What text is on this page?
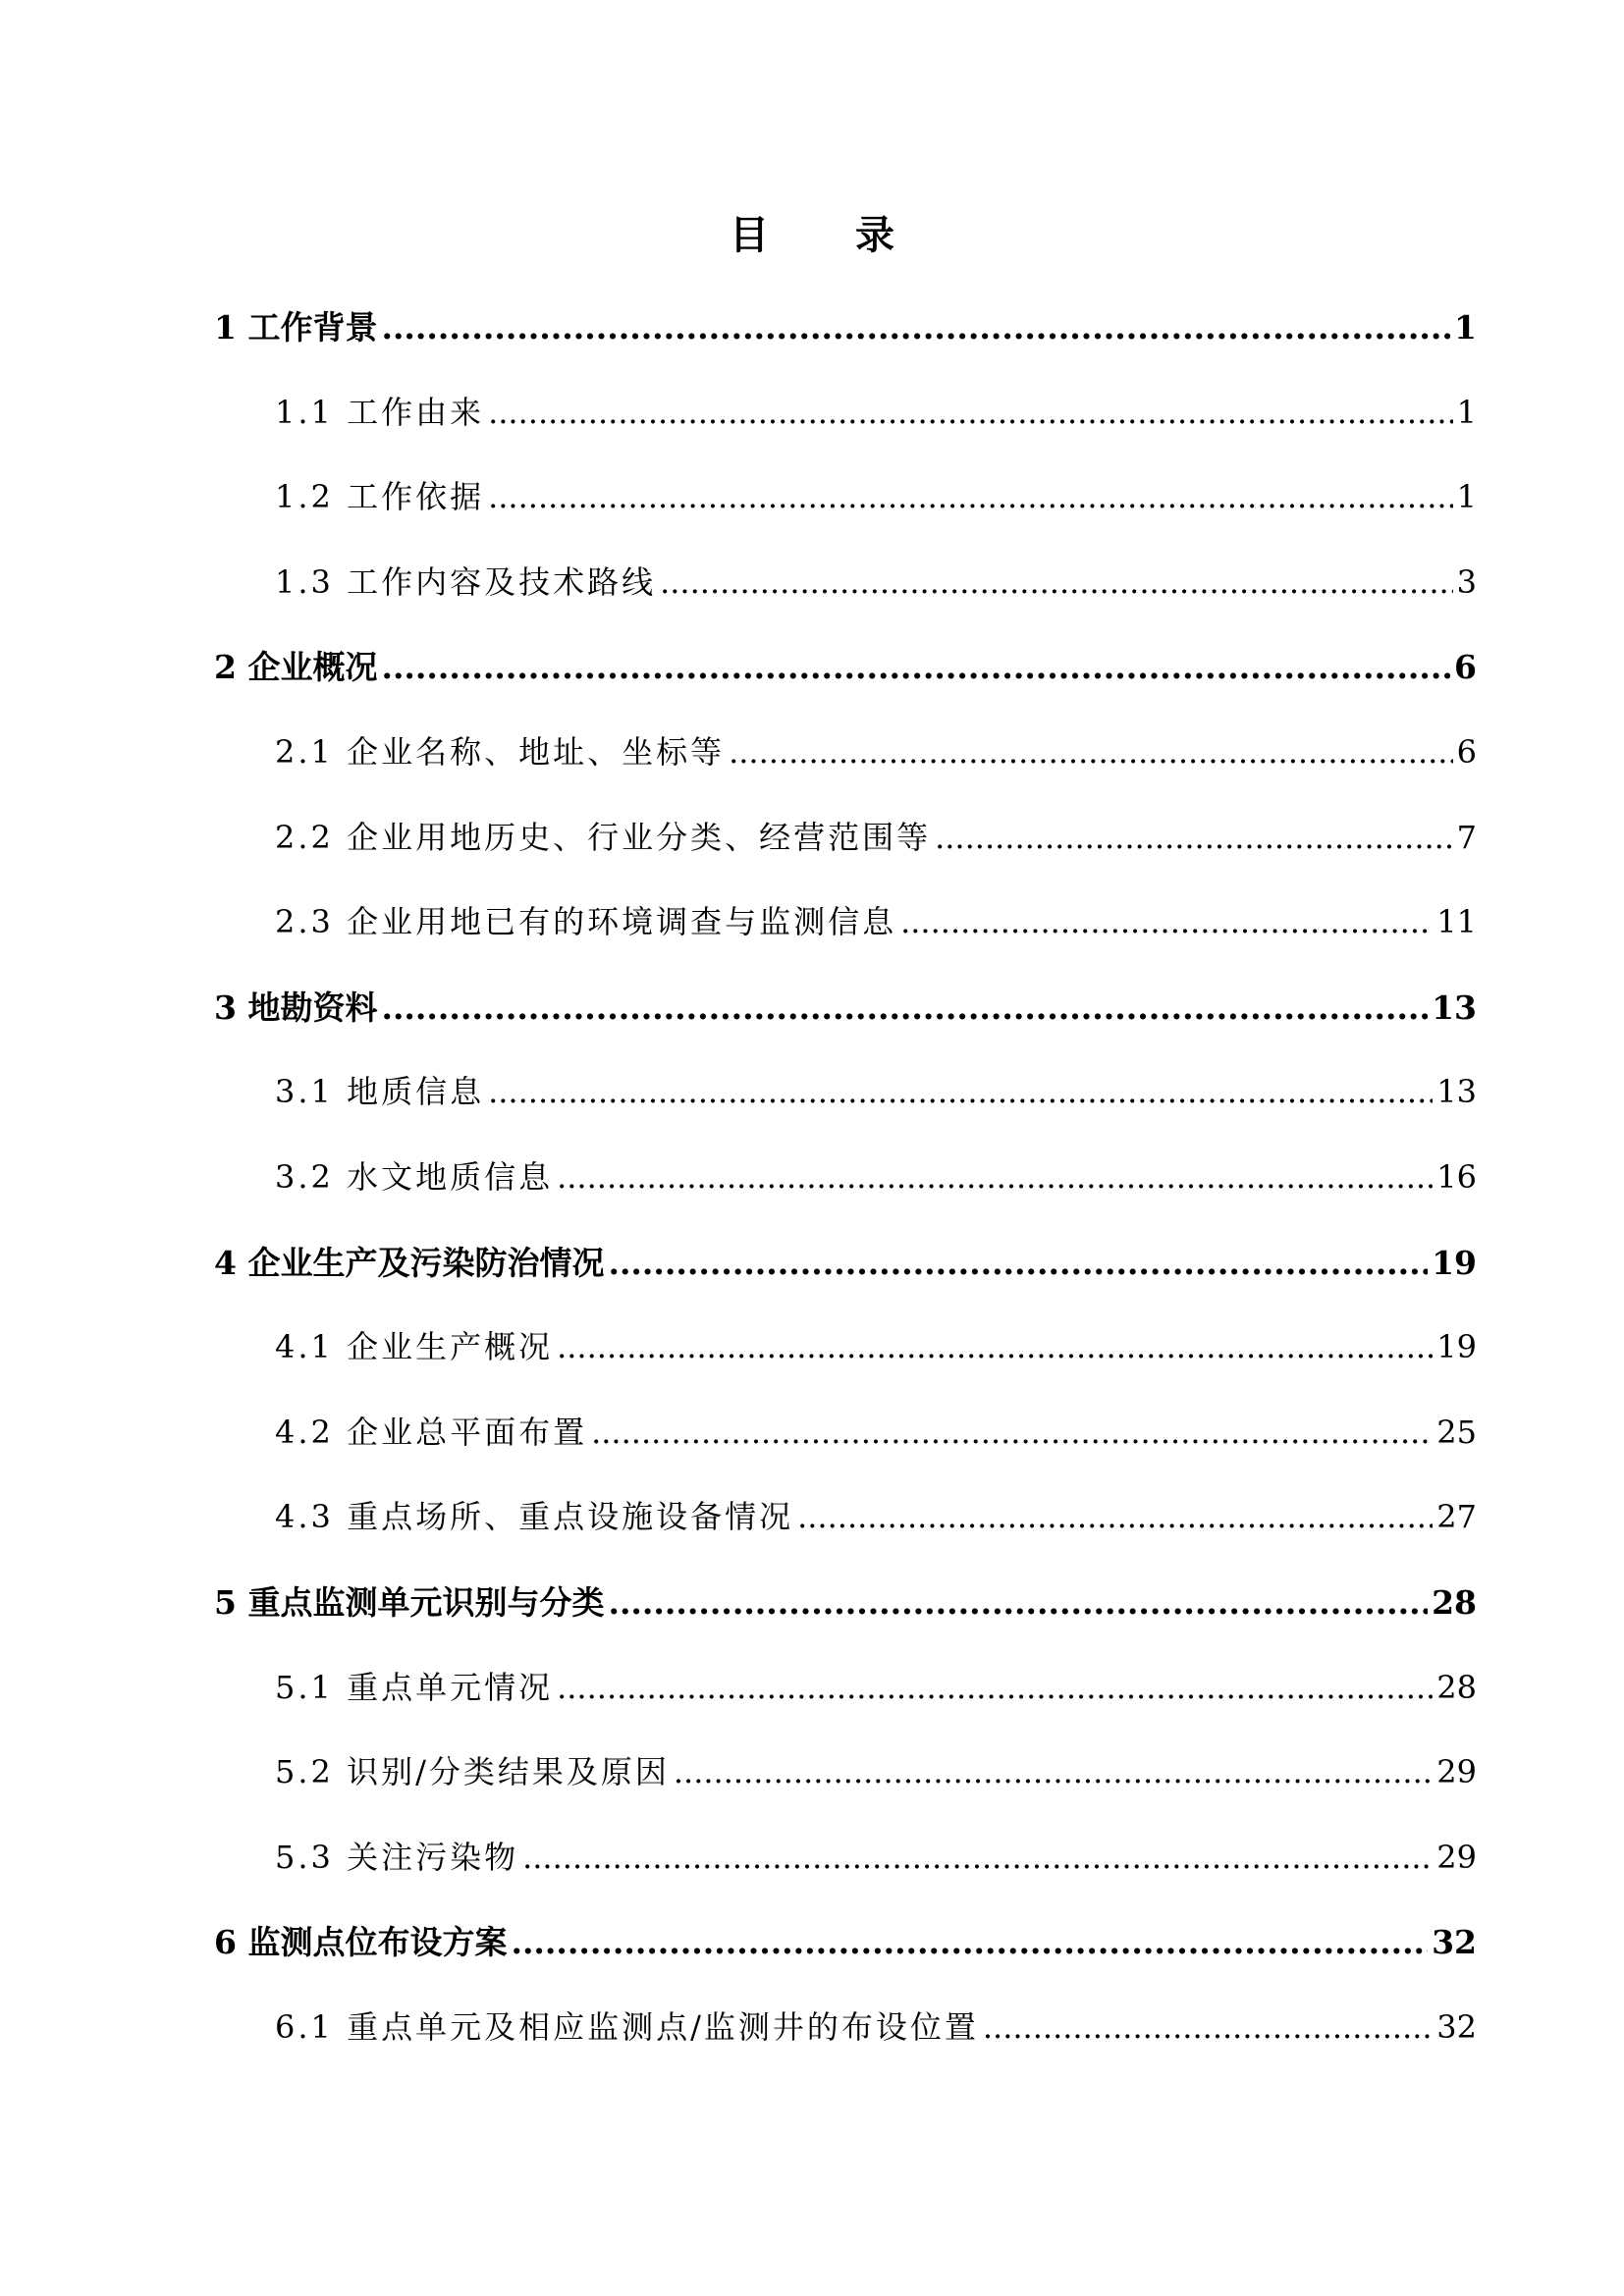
目 录
1 工作背景 .....	1
1.1 工作由来 .....	1
1.2 工作依据 .....	1
1.3 工作内容及技术路线 .....	3
2 企业概况 .....	6
2.1 企业名称、地址、坐标等 .....	6
2.2 企业用地历史、行业分类、经营范围等 .....	7
2.3 企业用地已有的环境调查与监测信息 .....	11
3 地勘资料 .....	13
3.1 地质信息 .....	13
3.2 水文地质信息 .....	16
4 企业生产及污染防治情况 .....	19
4.1 企业生产概况 .....	19
4.2 企业总平面布置 .....	25
4.3 重点场所、重点设施设备情况 .....	27
5 重点监测单元识别与分类 .....	28
5.1 重点单元情况 .....	28
5.2 识别/分类结果及原因 .....	29
5.3 关注污染物 .....	29
6 监测点位布设方案 .....	32
6.1 重点单元及相应监测点/监测井的布设位置 .....	32
